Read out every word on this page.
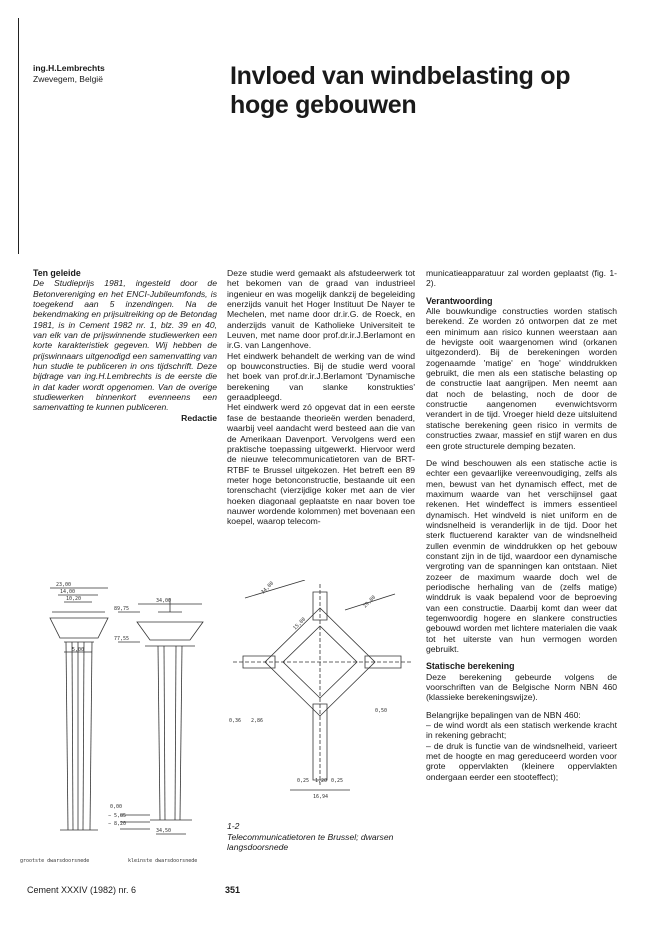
ing.H.Lembrechts
Zwevegem, België	Invloed van windbelasting op
hoge gebouwen

Ten geleide

De Studieprijs 1981, ingesteld door de Betonvereniging en het ENCI-Jubileumfonds, is toegekend aan 5 inzendingen. Na de bekendmaking en prijsuitreiking op de Betondag 1981, is in Cement 1982 nr. 1, blz. 39 en 40, van elk van de prijswinnende studiewerken een korte karakteristiek gegeven. Wij hebben de prijswinnaars uitgenodigd een samenvatting van hun studie te publiceren in ons tijdschrift. Deze bijdrage van ing.H.Lembrechts is de eerste die in dat kader wordt opgenomen. Van de overige studiewerken binnenkort evenneens een samenvatting te kunnen publiceren.

Redactie

Deze studie werd gemaakt als afstudeerwerk tot het bekomen van de graad van industrieel ingenieur en was mogelijk dankzij de begeleiding enerzijds vanuit het Hoger Instituut De Nayer te Mechelen, met name door dr.ir.G. de Roeck, en anderzijds vanuit de Katholieke Universiteit te Leuven, met name door prof.dr.ir.J.Berlamont en ir.G. van Langenhove.

Het eindwerk behandelt de werking van de wind op bouwconstructies. Bij de studie werd vooral het boek van prof.dr.ir.J.Berlamont 'Dynamische berekening van slanke konstrukties' geraadpleegd.

Het eindwerk werd zó opgevat dat in een eerste fase de bestaande theorieën werden benaderd, waarbij veel aandacht werd besteed aan die van de Amerikaan Davenport. Vervolgens werd een praktische toepassing uitgewerkt. Hiervoor werd de nieuwe telecommunicatietoren van de BRT-RTBF te Brussel uitgekozen. Het betreft een 89 meter hoge betonconstructie, bestaande uit een torenschacht (vierzijdige koker met aan de vier hoeken diagonaal geplaatste en naar boven toe nauwer wordende kolommen) met bovenaan een koepel, waarop telecom-

municatieapparatuur zal worden geplaatst (fig. 1-2).

Verantwoording

Alle bouwkundige constructies worden statisch berekend. Ze worden zó ontworpen dat ze met een minimum aan risico kunnen weerstaan aan de hevigste ooit waargenomen wind (orkanen uitgezonderd). Bij de berekeningen worden zogenaamde 'matige' en 'hoge' winddrukken gebruikt, die men als een statische belasting op de constructie laat aangrijpen. Men neemt aan dat noch de belasting, noch de door de constructie aangenomen evenwichtsvorm verandert in de tijd. Vroeger hield deze uitsluitend statische berekening geen risico in vermits de constructies zwaar, massief en stijf waren en dus een grote structurele demping bezaten.

De wind beschouwen als een statische actie is echter een gevaarlijke vereenvoudiging, zelfs als men, bewust van het dynamisch effect, met de maximum waarde van het verschijnsel gaat rekenen. Het windeffect is immers essentieel dynamisch. Het windveld is niet uniform en de windsnelheid is veranderlijk in de tijd. Door het sterk fluctuerend karakter van de windsnelheid zullen evenmin de winddrukken op het gebouw constant zijn in de tijd, waardoor een dynamische vergroting van de spanningen kan ontstaan. Niet zozeer de maximum waarde doch wel de periodische herhaling van de (zelfs matige) winddruk is vaak bepalend voor de beproeving van een constructie. Daarbij komt dan weer dat tegenwoordig hogere en slankere constructies gebouwd worden met lichtere materialen die vaak tot het uiterste van hun vermogen worden gebruikt.

Statische berekening

Deze berekening gebeurde volgens de voorschriften van de Belgische Norm NBN 460 (klassieke berekeningswijze).

Belangrijke bepalingen van de NBN 460:

– de wind wordt als een statisch werkende kracht in rekening gebracht;

– de druk is functie van de windsnelheid, varieert met de hoogte en mag gereduceerd worden voor grote oppervlakten (kleinere oppervlakten ondergaan eerder een stooteffect);

23,00
14,00
10,20
5,00
0,00
34,00
89,75
77,55
− 5,85
− 8,20
34,50
grootste dwarsdoorsnede	kleinste dwarsdoorsnede
34,00
15,00
29,00
0,50
0,36 2,86
0,25 1,20 0,25
16,94
1-2
Telecommunicatietoren te Brussel; dwarsen langsdoorsnede
Cement XXXIV (1982) nr. 6	351
